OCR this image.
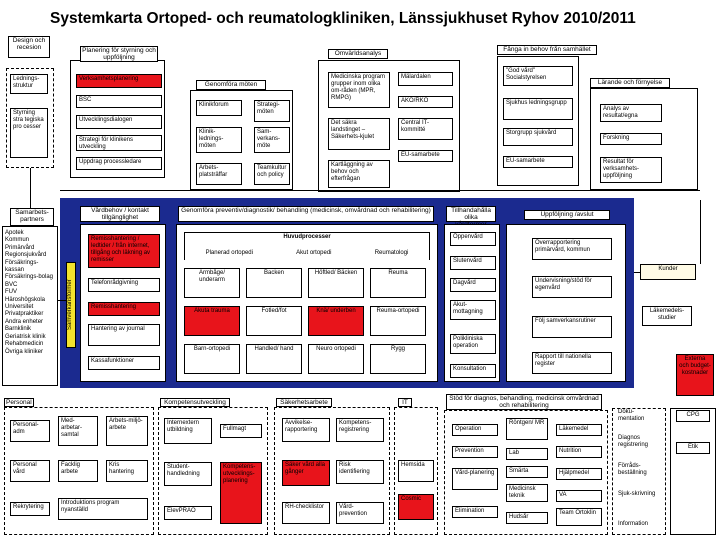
Systemkarta Ortoped- och reumatologkliniken, Länssjukhuset Ryhov 2010/2011
Design och recesion
Lednings-struktur
Styrning stra tegiska pro cesser
Planering för styrning och uppföljning
Verksamhetsplanering
BSC
Utvecklingsdialogen
Strategi för klinikens utveckling
Uppdrag processledare
Genomföra möten
Klinikforum	Strategi-möten
Klinik-lednings-möten
Sam-verkans-möte
Arbets-platsträffar
Teamkultur och policy
Omvärldsanalys
Medicinska program grupper inom olika om-råden (MPR, RMPG)
Mälardalen
Det säkra landstinget – Säkerhets-kjulet
AKO/RKO
Central IT-kommitté
Kartläggning av behov och efterfrågan
EU-samarbete
Fånga in behov från samhället
"God vård" Socialstyrelsen
Sjukhus ledningsgrupp
Storgrupp sjukvård
EU-samarbete
Lärande och förnyelse
Analys av resultat/egna
Forskning
Resultat för verksamhets-uppföljning
Samarbets-partners
Apotek
Kommun
Primärvård
Regionsjukvård
Försäkrings-kassan
Försäkrings-bolag
BVC
FUV
Häroshögskola
Universitet
Privatpraktiker
Andra enheter
Barnklinik
Geriatrisk klinik
Rehabmedicin
Övriga kliniker
Vårdbehov / kontakt tillgänglighet
Samverkansformer
Remisshantering / ledtider / från internet, tillgång och läkning av remisser
Telefonrådgivning
Remisshantering
Hantering av journal
Kassafunktioner
Genomföra preventiv/diagnostik/ behandling (medicinsk, omvårdnad och rehabilitering)
Huvudprocesser
Planerad ortopedi	Akut ortopedi	Reumatologi
Armbåge/ underarm
Backen	Höftled/ Bäcken	Reuma
Akuta trauma	Fotled/fot	Knä/ underben	Reuma-ortopedi
Barn-ortopedi	Handled/ hand	Neuro ortopedi	Rygg
Tillhandahålla olika
Öppenvård
Slutenvård
Dagvård
Akut-mottagning
Polikliniska operation
Konsultation
Uppföljning /avslut
Överrapportering primärvård, kommun
Undervisning/stöd för egenvård
Följ samverkansrutiner
Rapport till nationella register
Kunder
Läkemedels-studier
Externa och budget-kostnader
Personal
Personal-adm
Med-arbetar-samtal
Arbets-miljö-arbete
Personal vård
Facklig arbete
Kris hantering
Rekrytering
Introduktions program nyanställd
Kompetensutveckling
Internextern utbildning	Fullmagt
Student-handledning
Kompetens-utvecklings-planering
ElevPRAO
Säkerhetsarbete
Avvikelse-rapportering
Kompetens-registrering
Säker vård alla gånger
Risk identifiering
RH-checklistor	Vård-prevention
IT
Hemsida
Cosmic
Stöd för diagnos, behandling, medicinsk omvårdnad och rehabilitering
Operation
Röntgen/ MR
Läkemedel
Prevention	Lab	Nutrition
Vård-planering	Smärta	Hjälpmedel
Medicinsk teknik	VA
Elimination
Hudsår
Team Ortoklin
Doku-mentation
Diagnos registrering
Förråds-beställning
Sjuk-skrivning
Information
CPG
Etik
